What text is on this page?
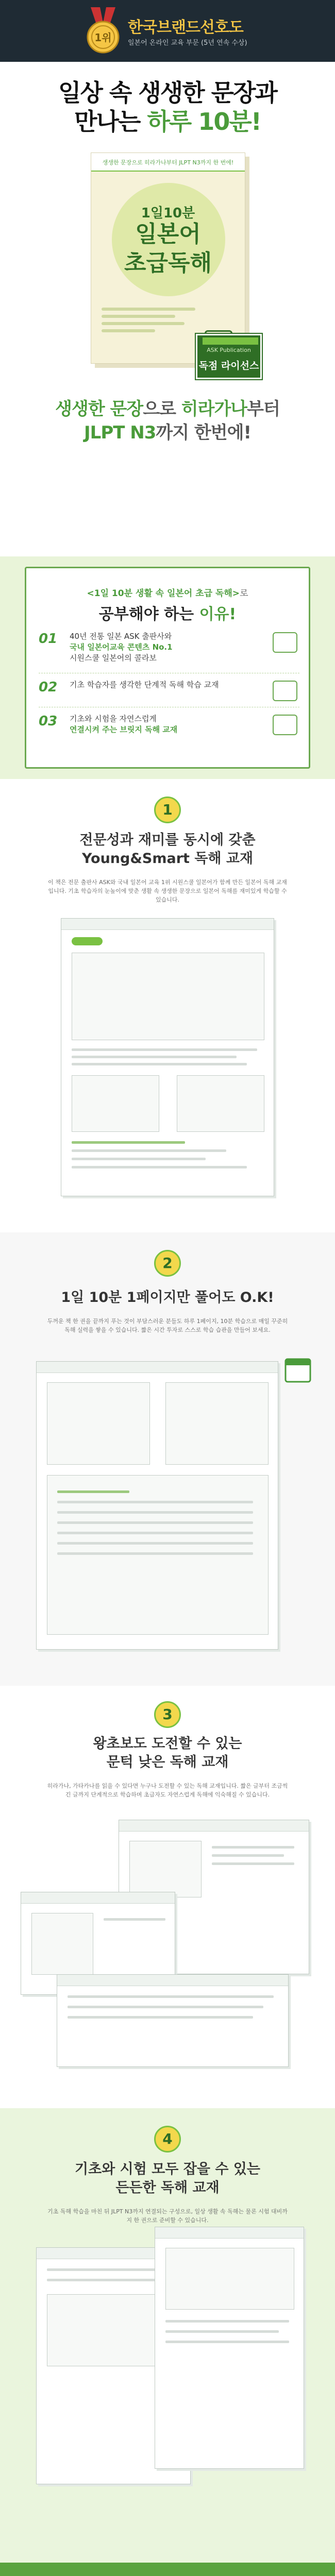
1위
한국브랜드선호도
일본어 온라인 교육 부문 (5년 연속 수상)
일상 속 생생한 문장과
만나는 하루 10분!
생생한 문장으로 히라가나부터 JLPT N3까지 한 번에!
1일10분
일본어
초급독해
ASK Publication
독점 라이선스
생생한 문장으로 히라가나부터
JLPT N3까지 한번에!
<1일 10분 생활 속 일본어 초급 독해>로
공부해야 하는 이유!
01 40년 전통 일본 ASK 출판사와
국내 일본어교육 콘텐츠 No.1
시원스쿨 일본어의 콜라보
02 기초 학습자를 생각한 단계적 독해 학습 교재
03 기초와 시험을 자연스럽게
연결시켜 주는 브릿지 독해 교재
1
전문성과 재미를 동시에 갖춘
Young&Smart 독해 교재
이 책은 전문 출판사 ASK와 국내 일본어 교육 1위 시원스쿨 일본어가 함께 만든 일본어 독해 교재입니다. 기초 학습자의 눈높이에 맞춘 생활 속 생생한 문장으로 일본어 독해를 재미있게 학습할 수 있습니다.
2
1일 10분 1페이지만 풀어도 O.K!
두꺼운 책 한 권을 끝까지 푸는 것이 부담스러운 분들도 하루 1페이지, 10분 학습으로 매일 꾸준히 독해 실력을 쌓을 수 있습니다. 짧은 시간 투자로 스스로 학습 습관을 만들어 보세요.
3
왕초보도 도전할 수 있는
문턱 낮은 독해 교재
히라가나, 가타카나를 읽을 수 있다면 누구나 도전할 수 있는 독해 교재입니다. 짧은 글부터 조금씩 긴 글까지 단계적으로 학습하며 초급자도 자연스럽게 독해에 익숙해질 수 있습니다.
4
기초와 시험 모두 잡을 수 있는
든든한 독해 교재
기초 독해 학습을 마친 뒤 JLPT N3까지 연결되는 구성으로, 일상 생활 속 독해는 물론 시험 대비까지 한 권으로 준비할 수 있습니다.
